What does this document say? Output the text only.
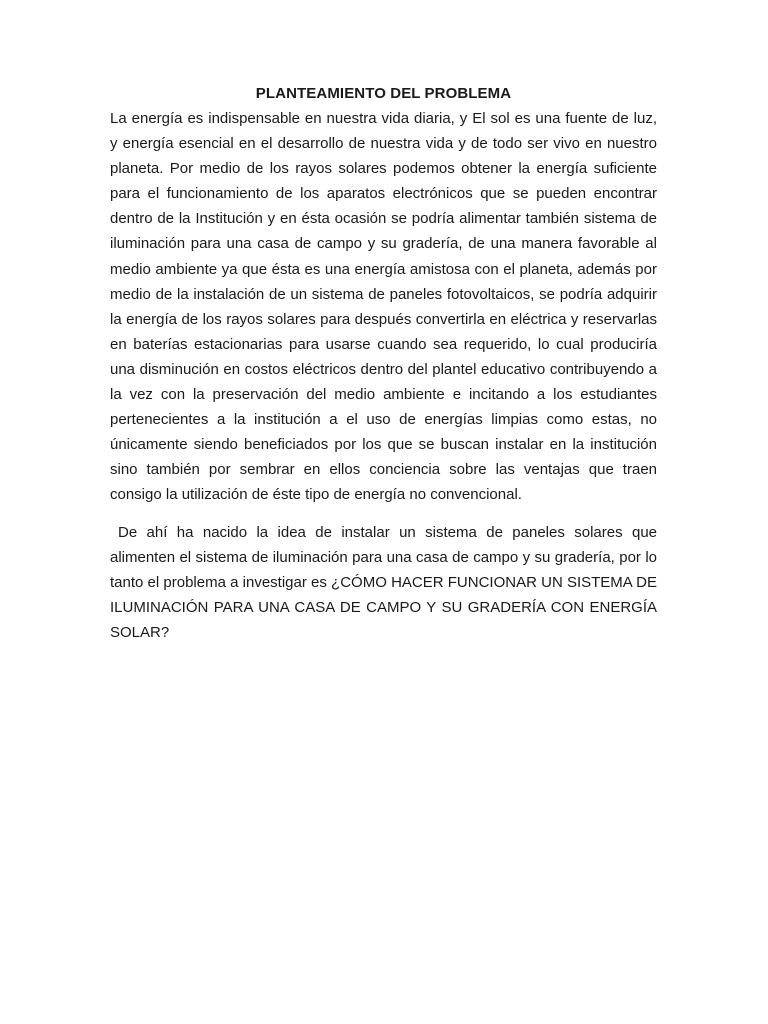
PLANTEAMIENTO DEL PROBLEMA

La energía es indispensable en nuestra vida diaria, y El sol es una fuente de luz, y energía esencial en el desarrollo de nuestra vida y de todo ser vivo en nuestro planeta. Por medio de los rayos solares podemos obtener la energía suficiente para el funcionamiento de los aparatos electrónicos que se pueden encontrar dentro de la Institución y en ésta ocasión se podría alimentar también sistema de iluminación para una casa de campo y su gradería, de una manera favorable al medio ambiente ya que ésta es una energía amistosa con el planeta, además por medio de la instalación de un sistema de paneles fotovoltaicos, se podría adquirir la energía de los rayos solares para después convertirla en eléctrica y reservarlas en baterías estacionarias para usarse cuando sea requerido, lo cual produciría una disminución en costos eléctricos dentro del plantel educativo contribuyendo a la vez con la preservación del medio ambiente e incitando a los estudiantes pertenecientes a la institución a el uso de energías limpias como estas, no únicamente siendo beneficiados por los que se buscan instalar en la institución sino también por sembrar en ellos conciencia sobre las ventajas que traen consigo la utilización de éste tipo de energía no convencional.

De ahí ha nacido la idea de instalar un sistema de paneles solares que alimenten el sistema de iluminación para una casa de campo y su gradería, por lo tanto el problema a investigar es ¿CÓMO HACER FUNCIONAR UN SISTEMA DE ILUMINACIÓN PARA UNA CASA DE CAMPO Y SU GRADERÍA CON ENERGÍA SOLAR?
